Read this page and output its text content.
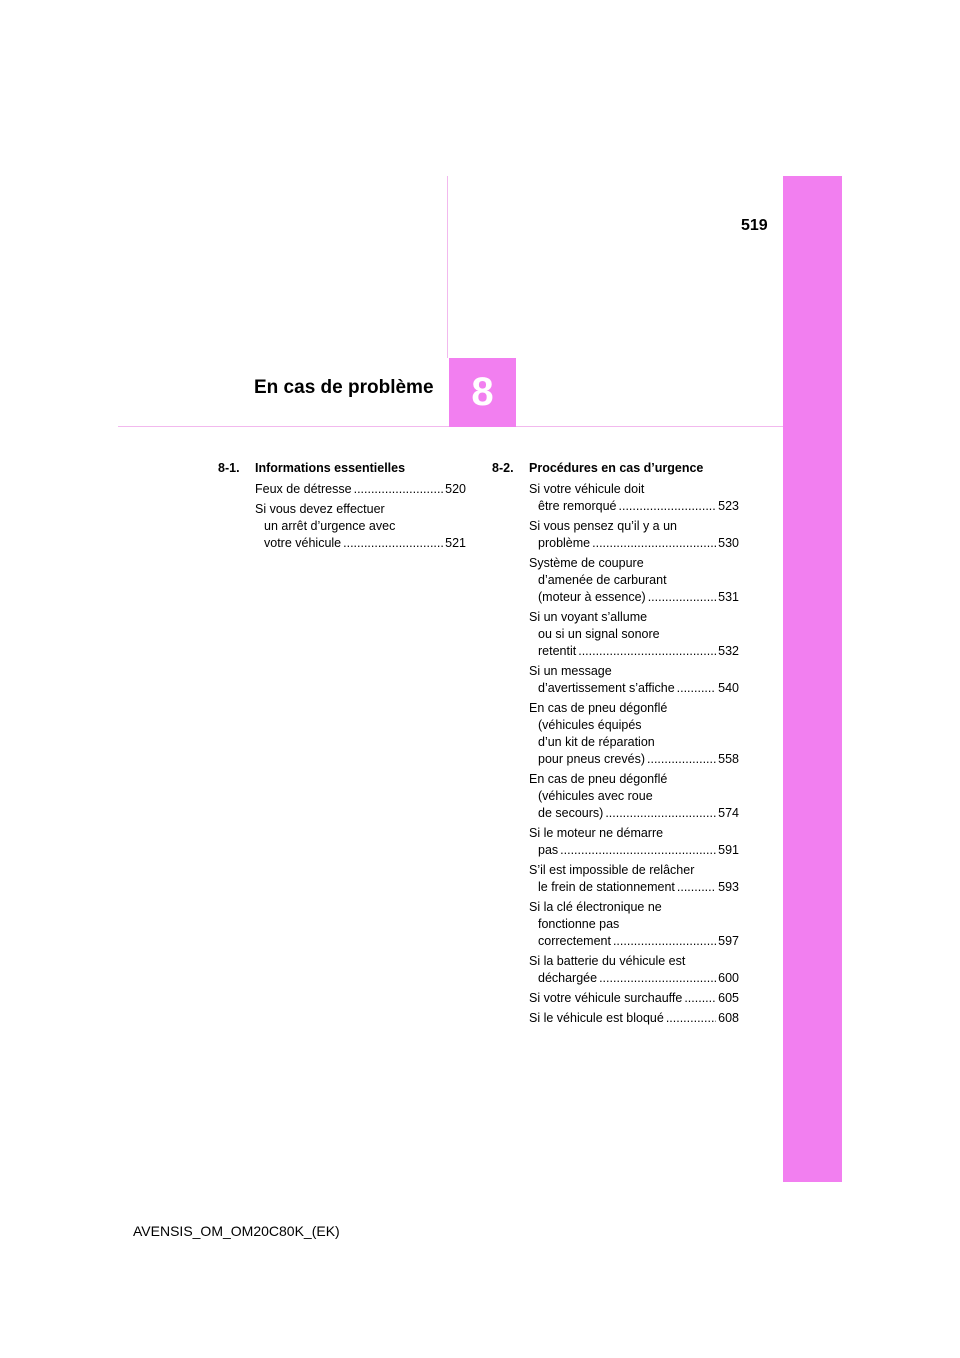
8
En cas de problème
519
8-1.	Informations essentielles
Feux de détresse .....	520
Si vous devez effectuer
un arrêt d’urgence avec
votre véhicule .....	521
8-2.	Procédures en cas d’urgence
Si votre véhicule doit
être remorqué .....	523
Si vous pensez qu’il y a un
problème .....	530
Système de coupure
d’amenée de carburant
(moteur à essence) .....	531
Si un voyant s’allume
ou si un signal sonore
retentit .....	532
Si un message
d’avertissement s’affiche .....	540
En cas de pneu dégonflé
(véhicules équipés
d’un kit de réparation
pour pneus crevés) .....	558
En cas de pneu dégonflé
(véhicules avec roue
de secours) .....	574
Si le moteur ne démarre
pas .....	591
S’il est impossible de relâcher
le frein de stationnement .....	593
Si la clé électronique ne
fonctionne pas
correctement .....	597
Si la batterie du véhicule est
déchargée .....	600
Si votre véhicule surchauffe .....	605
Si le véhicule est bloqué .....	608
AVENSIS_OM_OM20C80K_(EK)
